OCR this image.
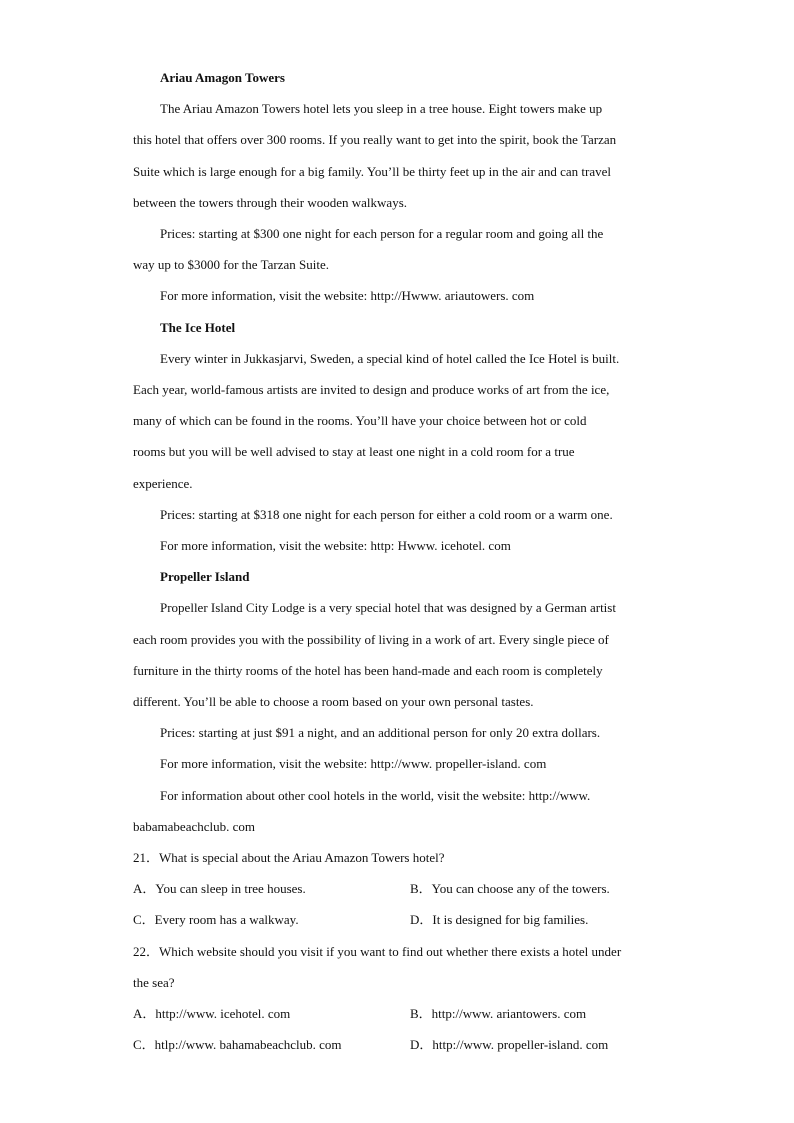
Ariau Amagon Towers
The Ariau Amazon Towers hotel lets you sleep in a tree house. Eight towers make up
this hotel that offers over 300 rooms. If you really want to get into the spirit, book the Tarzan
Suite which is large enough for a big family. You’ll be thirty feet up in the air and can travel
between the towers through their wooden walkways.
Prices: starting at $300 one night for each person for a regular room and going all the
way up to $3000 for the Tarzan Suite.
For more information, visit the website: http://Hwww. ariautowers. com
The Ice Hotel
Every winter in Jukkasjarvi, Sweden, a special kind of hotel called the Ice Hotel is built.
Each year, world-famous artists are invited to design and produce works of art from the ice,
many of which can be found in the rooms. You’ll have your choice between hot or cold
rooms but you will be well advised to stay at least one night in a cold room for a true
experience.
Prices: starting at $318 one night for each person for either a cold room or a warm one.
For more information, visit the website: http: Hwww. icehotel. com
Propeller Island
Propeller Island City Lodge is a very special hotel that was designed by a German artist
each room provides you with the possibility of living in a work of art. Every single piece of
furniture in the thirty rooms of the hotel has been hand-made and each room is completely
different. You’ll be able to choose a room based on your own personal tastes.
Prices: starting at just $91 a night, and an additional person for only 20 extra dollars.
For more information, visit the website: http://www. propeller-island. com
For information about other cool hotels in the world, visit the website: http://www.
babamabeachclub. com
21．What is special about the Ariau Amazon Towers hotel?
A．You can sleep in tree houses.	B．You can choose any of the towers.
C．Every room has a walkway.	D．It is designed for big families.
22．Which website should you visit if you want to find out whether there exists a hotel under
the sea?
A．http://www. icehotel. com	B．http://www. ariantowers. com
C．htlp://www. bahamabeachclub. com	D．http://www. propeller-island. com
